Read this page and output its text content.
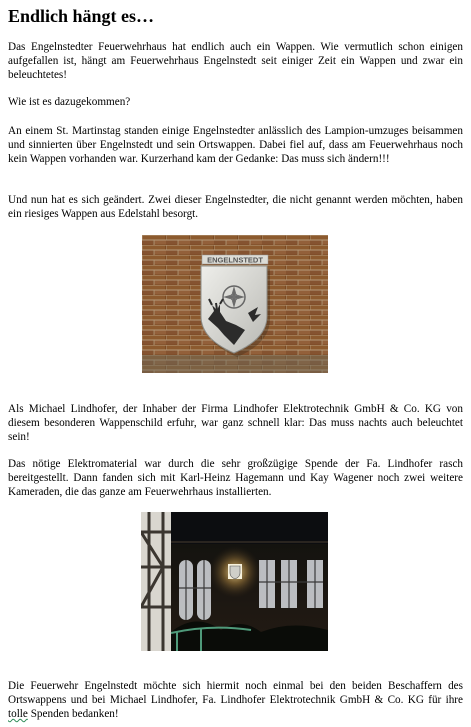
Endlich hängt es…

Das Engelnstedter Feuerwehrhaus hat endlich auch ein Wappen. Wie vermutlich schon einigen aufgefallen ist, hängt am Feuerwehrhaus Engelnstedt seit einiger Zeit ein Wappen und zwar ein beleuchtetes!

Wie ist es dazugekommen?

An einem St. Martinstag standen einige Engelnstedter anlässlich des Lampion-umzuges beisammen und sinnierten über Engelnstedt und sein Ortswappen. Dabei fiel auf, dass am Feuerwehrhaus noch kein Wappen vorhanden war. Kurzerhand kam der Gedanke: Das muss sich ändern!!!

Und nun hat es sich geändert. Zwei dieser Engelnstedter, die nicht genannt werden möchten, haben ein riesiges Wappen aus Edelstahl besorgt.

ENGELNSTEDT

Als Michael Lindhofer, der Inhaber der Firma Lindhofer Elektrotechnik GmbH & Co. KG von diesem besonderen Wappenschild erfuhr, war ganz schnell klar: Das muss nachts auch beleuchtet sein!

Das nötige Elektromaterial war durch die sehr großzügige Spende der Fa. Lindhofer rasch bereitgestellt. Dann fanden sich mit Karl-Heinz Hagemann und Kay Wagener noch zwei weitere Kameraden, die das ganze am Feuerwehrhaus installierten.

Die Feuerwehr Engelnstedt möchte sich hiermit noch einmal bei den beiden Beschaffern des Ortswappens und bei Michael Lindhofer, Fa. Lindhofer Elektrotechnik GmbH & Co. KG für ihre tolle Spenden bedanken!
